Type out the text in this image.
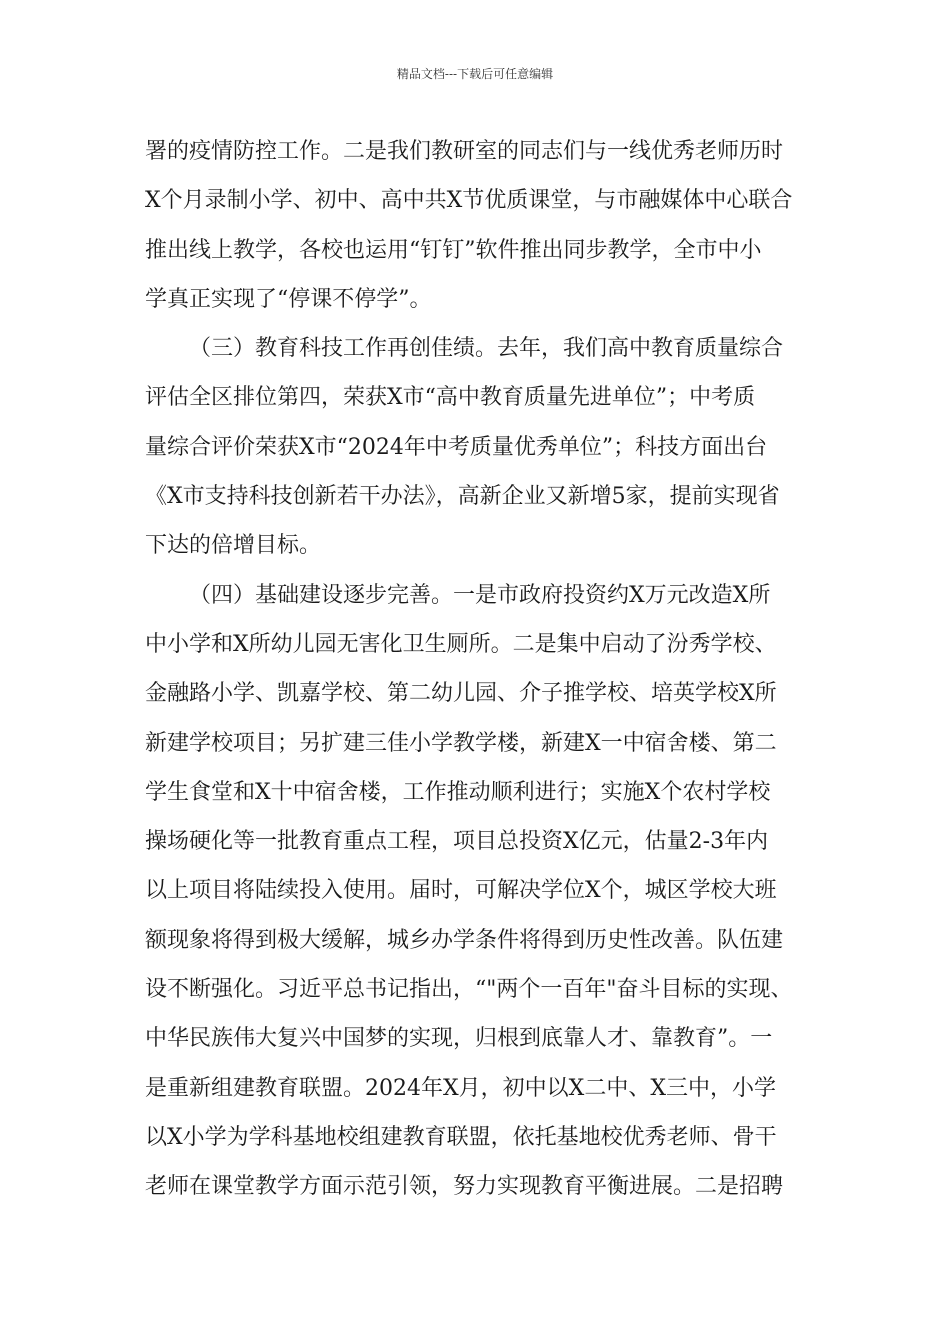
精品文档---下载后可任意编辑
署的疫情防控工作。二是我们教研室的同志们与一线优秀老师历时
X个月录制小学、初中、高中共X节优质课堂，与市融媒体中心联合
推出线上教学，各校也运用“钉钉”软件推出同步教学，全市中小
学真正实现了“停课不停学”。
（三）教育科技工作再创佳绩。去年，我们高中教育质量综合
评估全区排位第四，荣获X市“高中教育质量先进单位”；中考质
量综合评价荣获X市“2024年中考质量优秀单位”；科技方面出台
《X市支持科技创新若干办法》，高新企业又新增5家，提前实现省
下达的倍增目标。
（四）基础建设逐步完善。一是市政府投资约X万元改造X所
中小学和X所幼儿园无害化卫生厕所。二是集中启动了汾秀学校、
金融路小学、凯嘉学校、第二幼儿园、介子推学校、培英学校X所
新建学校项目；另扩建三佳小学教学楼，新建X一中宿舍楼、第二
学生食堂和X十中宿舍楼，工作推动顺利进行；实施X个农村学校
操场硬化等一批教育重点工程，项目总投资X亿元，估量2-3年内
以上项目将陆续投入使用。届时，可解决学位X个，城区学校大班
额现象将得到极大缓解，城乡办学条件将得到历史性改善。队伍建
设不断强化。习近平总书记指出，“"两个一百年"奋斗目标的实现、
中华民族伟大复兴中国梦的实现，归根到底靠人才、靠教育”。一
是重新组建教育联盟。2024年X月，初中以X二中、X三中，小学
以X小学为学科基地校组建教育联盟，依托基地校优秀老师、骨干
老师在课堂教学方面示范引领，努力实现教育平衡进展。二是招聘
